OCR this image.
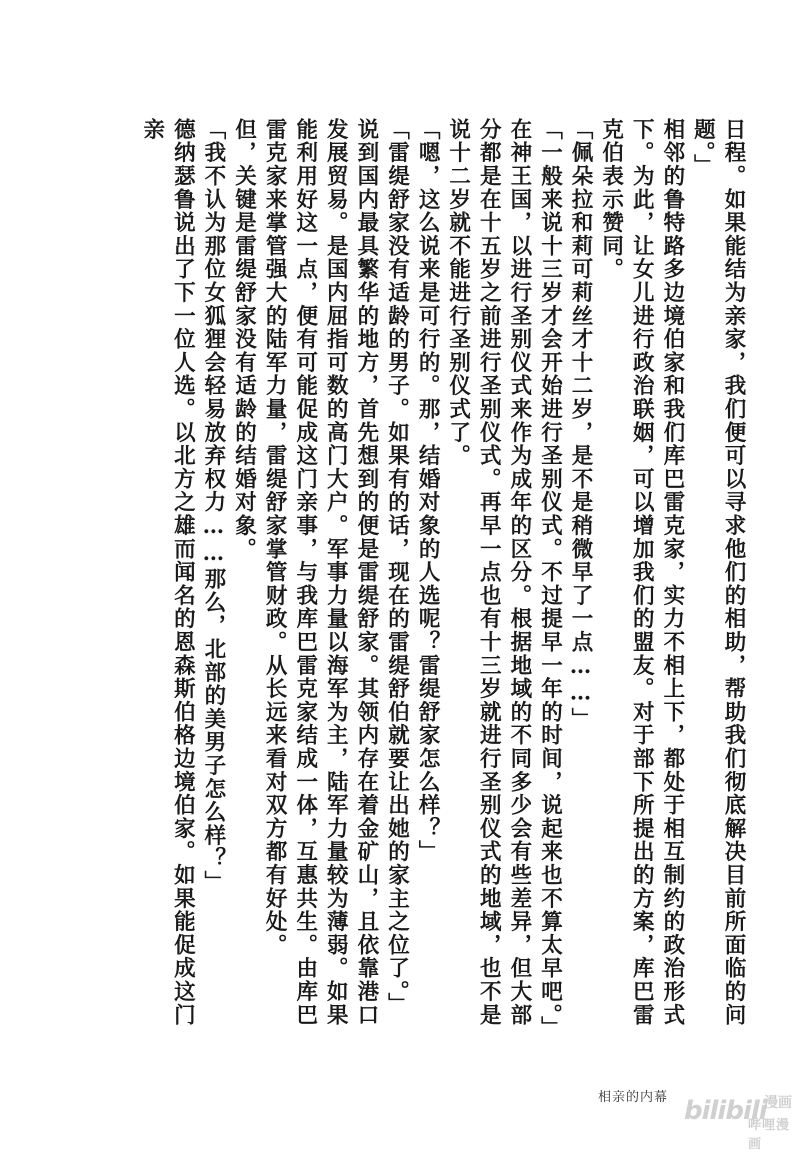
日程。如果能结为亲家，我们便可以寻求他们的相助，帮助我们彻底解决目前所面临的问题。」

相邻的鲁特路多边境伯家和我们库巴雷克家，实力不相上下，都处于相互制约的政治形式下。为此，让女儿进行政治联姻，可以增加我们的盟友。对于部下所提出的方案，库巴雷克伯表示赞同。

「佩朵拉和莉可莉丝才十二岁，是不是稍微早了一点……」

「一般来说十三岁才会开始进行圣别仪式。不过提早一年的时间，说起来也不算太早吧。」

在神王国，以进行圣别仪式来作为成年的区分。根据地域的不同多少会有些差异，但大部分都是在十五岁之前进行圣别仪式。再早一点也有十三岁就进行圣别仪式的地域，也不是说十二岁就不能进行圣别仪式了。

「嗯，这么说来是可行的。那，结婚对象的人选呢？雷缇舒家怎么样？」

「雷缇舒家没有适龄的男子。如果有的话，现在的雷缇舒伯就要让出她的家主之位了。」

说到国内最具繁华的地方，首先想到的便是雷缇舒家。其领内存在着金矿山，且依靠港口发展贸易。是国内屈指可数的高门大户。军事力量以海军为主，陆军力量较为薄弱。如果能利用好这一点，便有可能促成这门亲事，与我库巴雷克家结成一体，互惠共生。由库巴雷克家来掌管强大的陆军力量，雷缇舒家掌管财政。从长远来看对双方都有好处。

但，关键是雷缇舒家没有适龄的结婚对象。

「我不认为那位女狐狸会轻易放弃权力……那么，北部的美男子怎么样？」

德纳瑟鲁说出了下一位人选。以北方之雄而闻名的恩森斯伯格边境伯家。如果能促成这门亲

相亲的内幕 bilibili
漫画
哔哩漫画
